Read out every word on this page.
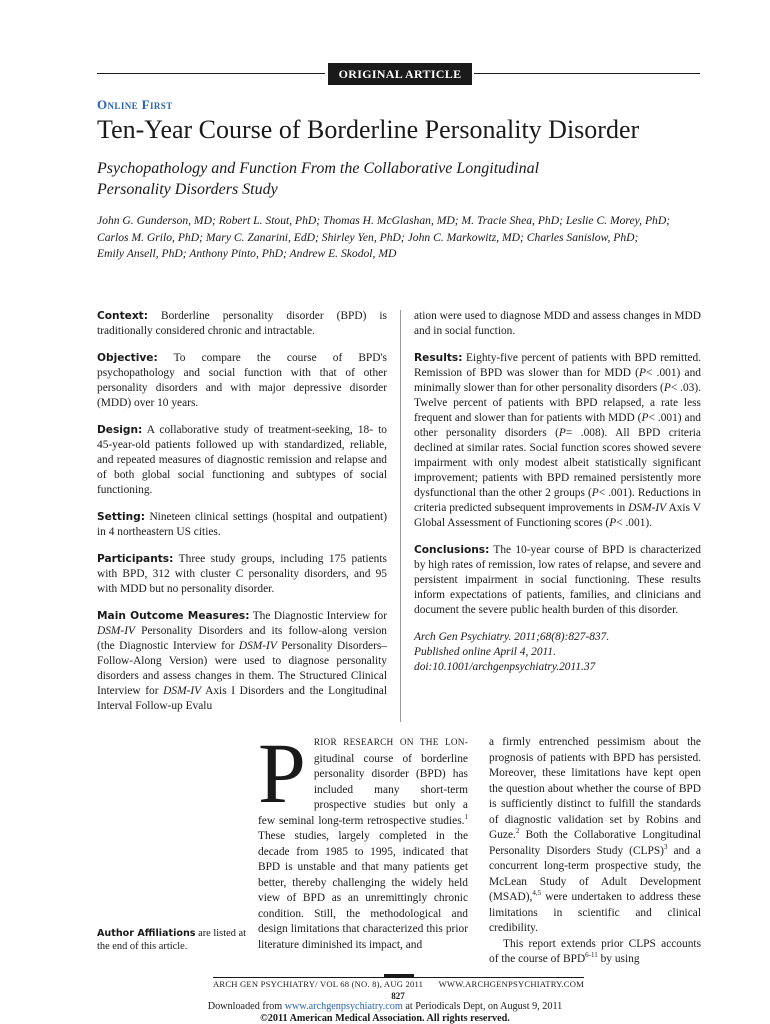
ORIGINAL ARTICLE
Online First
Ten-Year Course of Borderline Personality Disorder
Psychopathology and Function From the Collaborative Longitudinal
Personality Disorders Study
John G. Gunderson, MD; Robert L. Stout, PhD; Thomas H. McGlashan, MD; M. Tracie Shea, PhD; Leslie C. Morey, PhD;
Carlos M. Grilo, PhD; Mary C. Zanarini, EdD; Shirley Yen, PhD; John C. Markowitz, MD; Charles Sanislow, PhD;
Emily Ansell, PhD; Anthony Pinto, PhD; Andrew E. Skodol, MD

Context: Borderline personality disorder (BPD) is traditionally considered chronic and intractable.

Objective: To compare the course of BPD's psychopathology and social function with that of other personality disorders and with major depressive disorder (MDD) over 10 years.

Design: A collaborative study of treatment-seeking, 18- to 45-year-old patients followed up with standardized, reliable, and repeated measures of diagnostic remission and relapse and of both global social functioning and subtypes of social functioning.

Setting: Nineteen clinical settings (hospital and outpatient) in 4 northeastern US cities.

Participants: Three study groups, including 175 patients with BPD, 312 with cluster C personality disorders, and 95 with MDD but no personality disorder.

Main Outcome Measures: The Diagnostic Interview for DSM-IV Personality Disorders and its follow-along version (the Diagnostic Interview for DSM-IV Personality Disorders–Follow-Along Version) were used to diagnose personality disorders and assess changes in them. The Structured Clinical Interview for DSM-IV Axis I Disorders and the Longitudinal Interval Follow-up Evalu

ation were used to diagnose MDD and assess changes in MDD and in social function.

Results: Eighty-five percent of patients with BPD remitted. Remission of BPD was slower than for MDD (P< .001) and minimally slower than for other personality disorders (P< .03). Twelve percent of patients with BPD relapsed, a rate less frequent and slower than for patients with MDD (P< .001) and other personality disorders (P= .008). All BPD criteria declined at similar rates. Social function scores showed severe impairment with only modest albeit statistically significant improvement; patients with BPD remained persistently more dysfunctional than the other 2 groups (P< .001). Reductions in criteria predicted subsequent improvements in DSM-IV Axis V Global Assessment of Functioning scores (P< .001).

Conclusions: The 10-year course of BPD is characterized by high rates of remission, low rates of relapse, and severe and persistent impairment in social functioning. These results inform expectations of patients, families, and clinicians and document the severe public health burden of this disorder.

Arch Gen Psychiatry. 2011;68(8):827-837.
Published online April 4, 2011.
doi:10.1001/archgenpsychiatry.2011.37
P RIOR RESEARCH ON THE LON- gitudinal course of borderline personality disorder (BPD) has included many short-term prospective studies but only a few seminal long-term retrospective studies.$^1$ These studies, largely completed in the decade from 1985 to 1995, indicated that BPD is unstable and that many patients get better, thereby challenging the widely held view of BPD as an unremittingly chronic condition. Still, the methodological and design limitations that characterized this prior literature diminished its impact, and

a firmly entrenched pessimism about the prognosis of patients with BPD has persisted. Moreover, these limitations have kept open the question about whether the course of BPD is sufficiently distinct to fulfill the standards of diagnostic validation set by Robins and Guze.$^2$ Both the Collaborative Longitudinal Personality Disorders Study (CLPS)$^3$ and a concurrent long-term prospective study, the McLean Study of Adult Development (MSAD),$^{4,5}$ were undertaken to address these limitations in scientific and clinical credibility.

This report extends prior CLPS accounts of the course of BPD$^{6-11}$ by using

Author Affiliations are listed at the end of this article.
ARCH GEN PSYCHIATRY/ VOL 68 (NO. 8), AUG 2011 WWW.ARCHGENPSYCHIATRY.COM
827
Downloaded from www.archgenpsychiatry.com at Periodicals Dept, on August 9, 2011
©2011 American Medical Association. All rights reserved.
